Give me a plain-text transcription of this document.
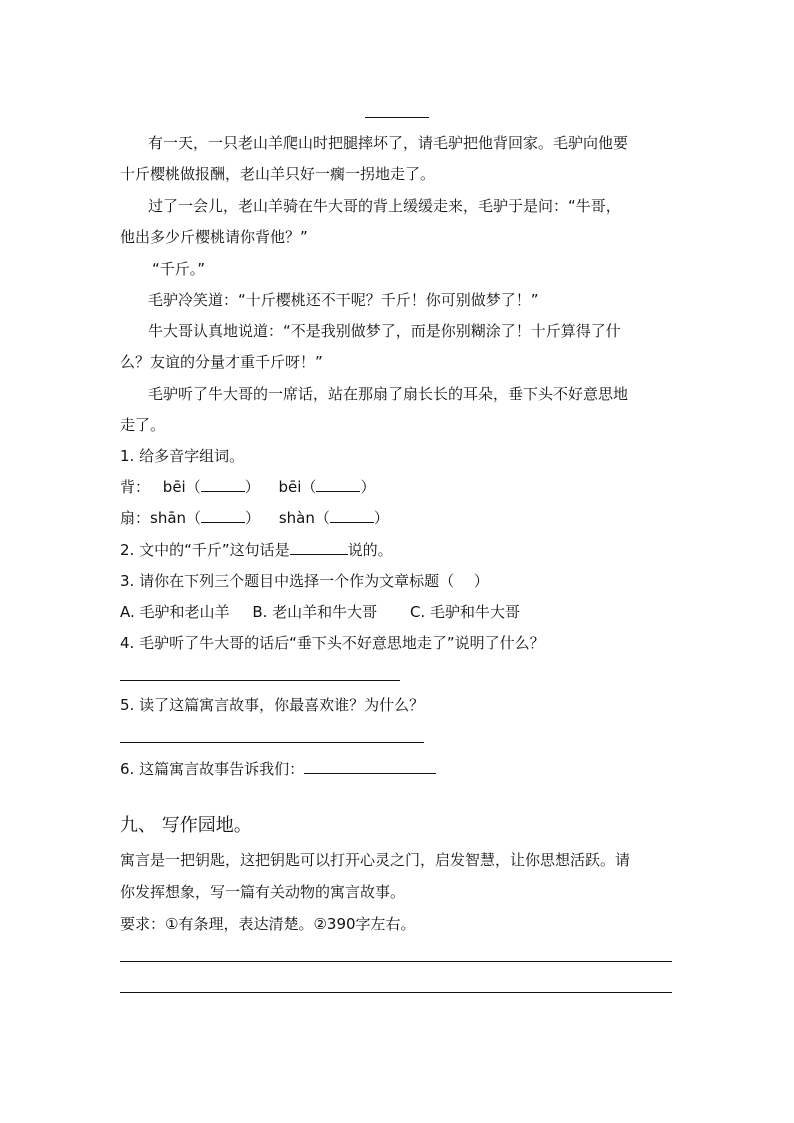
有一天，一只老山羊爬山时把腿摔坏了，请毛驴把他背回家。毛驴向他要
十斤樱桃做报酬，老山羊只好一瘸一拐地走了。
过了一会儿，老山羊骑在牛大哥的背上缓缓走来，毛驴于是问：“牛哥，
他出多少斤樱桃请你背他？”
“千斤。”
毛驴冷笑道：“十斤樱桃还不干呢？千斤！你可别做梦了！”
牛大哥认真地说道：“不是我别做梦了，而是你别糊涂了！十斤算得了什
么？友谊的分量才重千斤呀！”
毛驴听了牛大哥的一席话，站在那扇了扇长长的耳朵，垂下头不好意思地
走了。
1. 给多音字组词。
背： bēi（	） bēi（	）
扇：shān（	） shàn（	）
2. 文中的“千斤”这句话是	说的。
3. 请你在下列三个题目中选择一个作为文章标题（　 ）
A. 毛驴和老山羊 B. 老山羊和牛大哥 C. 毛驴和牛大哥
4. 毛驴听了牛大哥的话后“垂下头不好意思地走了”说明了什么？
5. 读了这篇寓言故事，你最喜欢谁？为什么？
6. 这篇寓言故事告诉我们：
九、 写作园地。
寓言是一把钥匙，这把钥匙可以打开心灵之门，启发智慧，让你思想活跃。请
你发挥想象，写一篇有关动物的寓言故事。
要求：①有条理，表达清楚。②390字左右。
